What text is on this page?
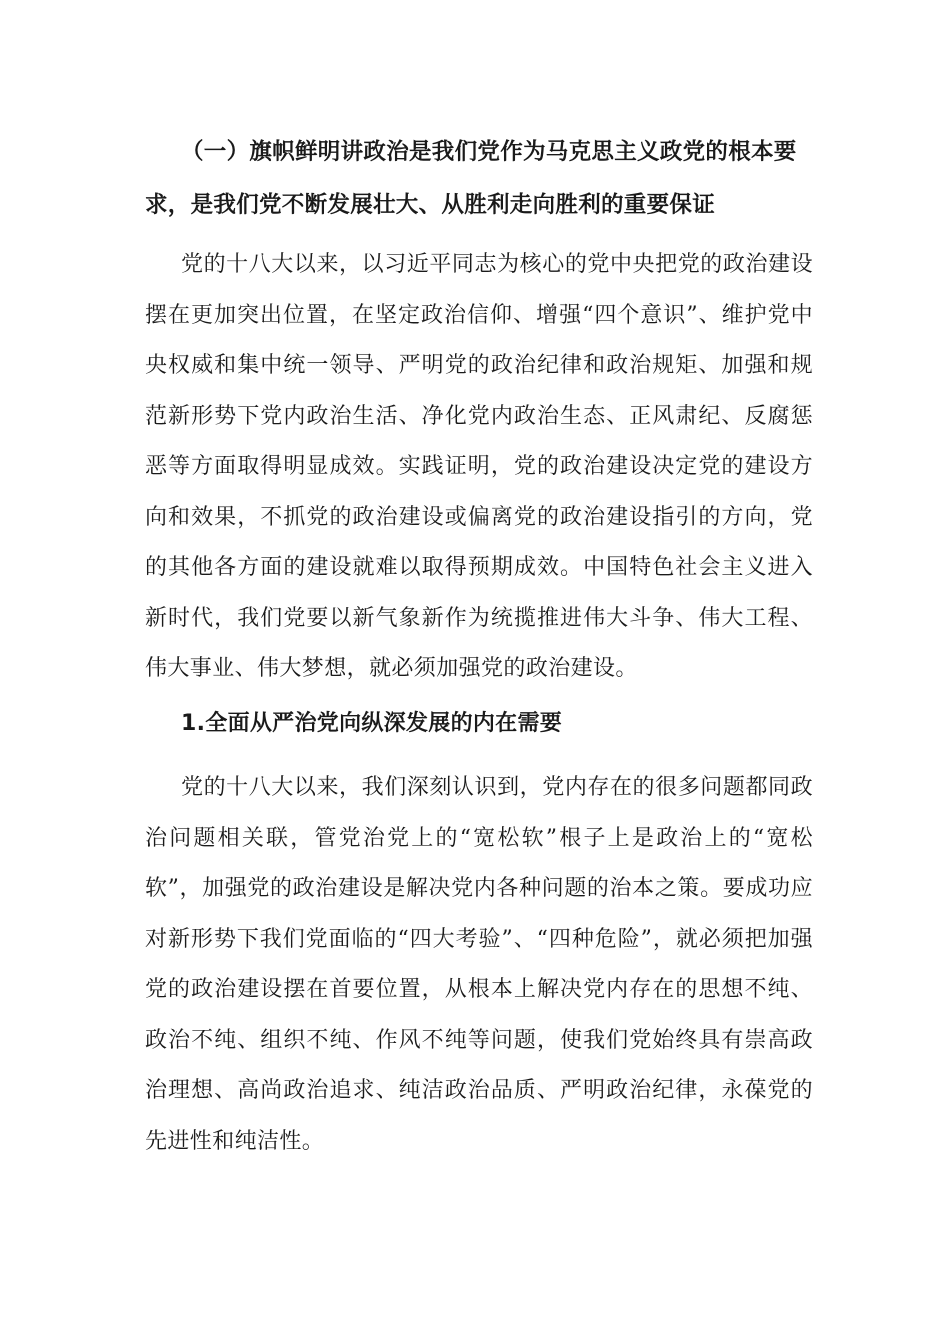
（一）旗帜鲜明讲政治是我们党作为马克思主义政党的根本要求，是我们党不断发展壮大、从胜利走向胜利的重要保证
党的十八大以来，以习近平同志为核心的党中央把党的政治建设摆在更加突出位置，在坚定政治信仰、增强“四个意识”、维护党中央权威和集中统一领导、严明党的政治纪律和政治规矩、加强和规范新形势下党内政治生活、净化党内政治生态、正风肃纪、反腐惩恶等方面取得明显成效。实践证明，党的政治建设决定党的建设方向和效果，不抓党的政治建设或偏离党的政治建设指引的方向，党的其他各方面的建设就难以取得预期成效。中国特色社会主义进入新时代，我们党要以新气象新作为统揽推进伟大斗争、伟大工程、伟大事业、伟大梦想，就必须加强党的政治建设。
1.全面从严治党向纵深发展的内在需要
党的十八大以来，我们深刻认识到，党内存在的很多问题都同政治问题相关联，管党治党上的“宽松软”根子上是政治上的“宽松软”，加强党的政治建设是解决党内各种问题的治本之策。要成功应对新形势下我们党面临的“四大考验”、“四种危险”，就必须把加强党的政治建设摆在首要位置，从根本上解决党内存在的思想不纯、政治不纯、组织不纯、作风不纯等问题，使我们党始终具有崇高政治理想、高尚政治追求、纯洁政治品质、严明政治纪律，永葆党的先进性和纯洁性。
